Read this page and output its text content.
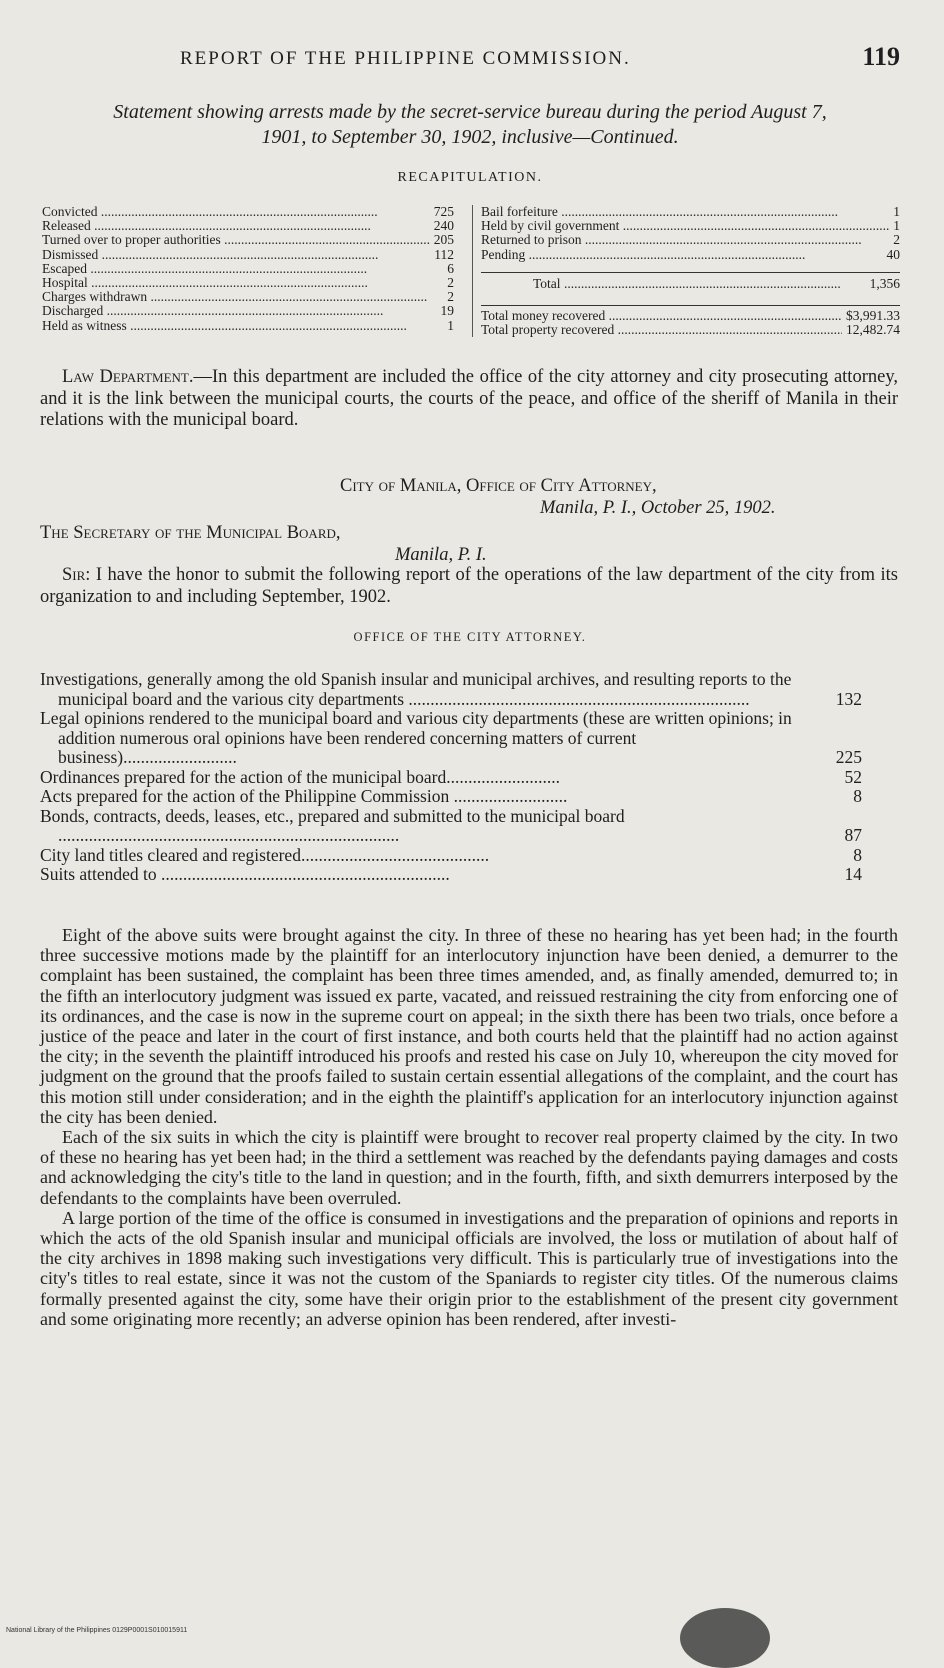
REPORT OF THE PHILIPPINE COMMISSION.	119
Statement showing arrests made by the secret-service bureau during the period August 7,
1901, to September 30, 1902, inclusive—Continued.
RECAPITULATION.
Convicted .....	725
Released .....	240
Turned over to proper authorities .....	205
Dismissed .....	112
Escaped .....	6
Hospital .....	2
Charges withdrawn .....	2
Discharged .....	19
Held as witness .....	1
Bail forfeiture .....	1
Held by civil government .....	1
Returned to prison .....	2
Pending .....	40
Total .....	1,356
Total money recovered .....	$3,991.33
Total property recovered .....	12,482.74
Law Department.—In this department are included the office of the city attorney and city prosecuting attorney, and it is the link between the municipal courts, the courts of the peace, and office of the sheriff of Manila in their relations with the municipal board.
City of Manila, Office of City Attorney,
Manila, P. I., October 25, 1902.
The Secretary of the Municipal Board,
Manila, P. I.
Sir: I have the honor to submit the following report of the operations of the law department of the city from its organization to and including September, 1902.
OFFICE OF THE CITY ATTORNEY.
Investigations, generally among the old Spanish insular and municipal archives, and resulting reports to the municipal board and the various city departments ..............................................................................	132
Legal opinions rendered to the municipal board and various city departments (these are written opinions; in addition numerous oral opinions have been rendered concerning matters of current business)..........................	225
Ordinances prepared for the action of the municipal board..........................	52
Acts prepared for the action of the Philippine Commission ..........................	8
Bonds, contracts, deeds, leases, etc., prepared and submitted to the municipal board ..............................................................................	87
City land titles cleared and registered...........................................	8
Suits attended to ..................................................................	14

Eight of the above suits were brought against the city. In three of these no hearing has yet been had; in the fourth three successive motions made by the plaintiff for an interlocutory injunction have been denied, a demurrer to the complaint has been sustained, the complaint has been three times amended, and, as finally amended, demurred to; in the fifth an interlocutory judgment was issued ex parte, vacated, and reissued restraining the city from enforcing one of its ordinances, and the case is now in the supreme court on appeal; in the sixth there has been two trials, once before a justice of the peace and later in the court of first instance, and both courts held that the plaintiff had no action against the city; in the seventh the plaintiff introduced his proofs and rested his case on July 10, whereupon the city moved for judgment on the ground that the proofs failed to sustain certain essential allegations of the complaint, and the court has this motion still under consideration; and in the eighth the plaintiff's application for an interlocutory injunction against the city has been denied.

Each of the six suits in which the city is plaintiff were brought to recover real property claimed by the city. In two of these no hearing has yet been had; in the third a settlement was reached by the defendants paying damages and costs and acknowledging the city's title to the land in question; and in the fourth, fifth, and sixth demurrers interposed by the defendants to the complaints have been overruled.

A large portion of the time of the office is consumed in investigations and the preparation of opinions and reports in which the acts of the old Spanish insular and municipal officials are involved, the loss or mutilation of about half of the city archives in 1898 making such investigations very difficult. This is particularly true of investigations into the city's titles to real estate, since it was not the custom of the Spaniards to register city titles. Of the numerous claims formally presented against the city, some have their origin prior to the establishment of the present city government and some originating more recently; an adverse opinion has been rendered, after investi-

National Library of the Philippines 0129P0001S010015911
